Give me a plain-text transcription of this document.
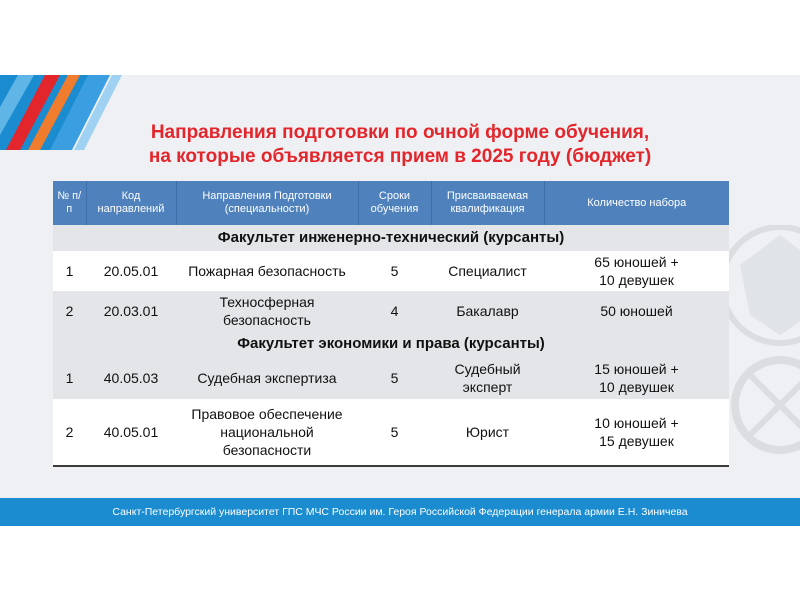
Направления подготовки по очной форме обучения,
на которые объявляется прием в 2025 году (бюджет)
№ п/п	Код направлений	Направления Подготовки (специальности)	Сроки обучения	Присваиваемая квалификация	Количество набора
Факультет инженерно-технический (курсанты)					
1	20.05.01	Пожарная безопасность	5	Специалист	65 юношей +
10 девушек
2	20.03.01	Техносферная
безопасность	4	Бакалавр	50 юношей
Факультет экономики и права (курсанты)					
1	40.05.03	Судебная экспертиза	5	Судебный
эксперт	15 юношей +
10 девушек
2	40.05.01	Правовое обеспечение
национальной
безопасности	5	Юрист	10 юношей +
15 девушек
Санкт-Петербургский университет ГПС МЧС России им. Героя Российской Федерации генерала армии Е.Н. Зиничева
